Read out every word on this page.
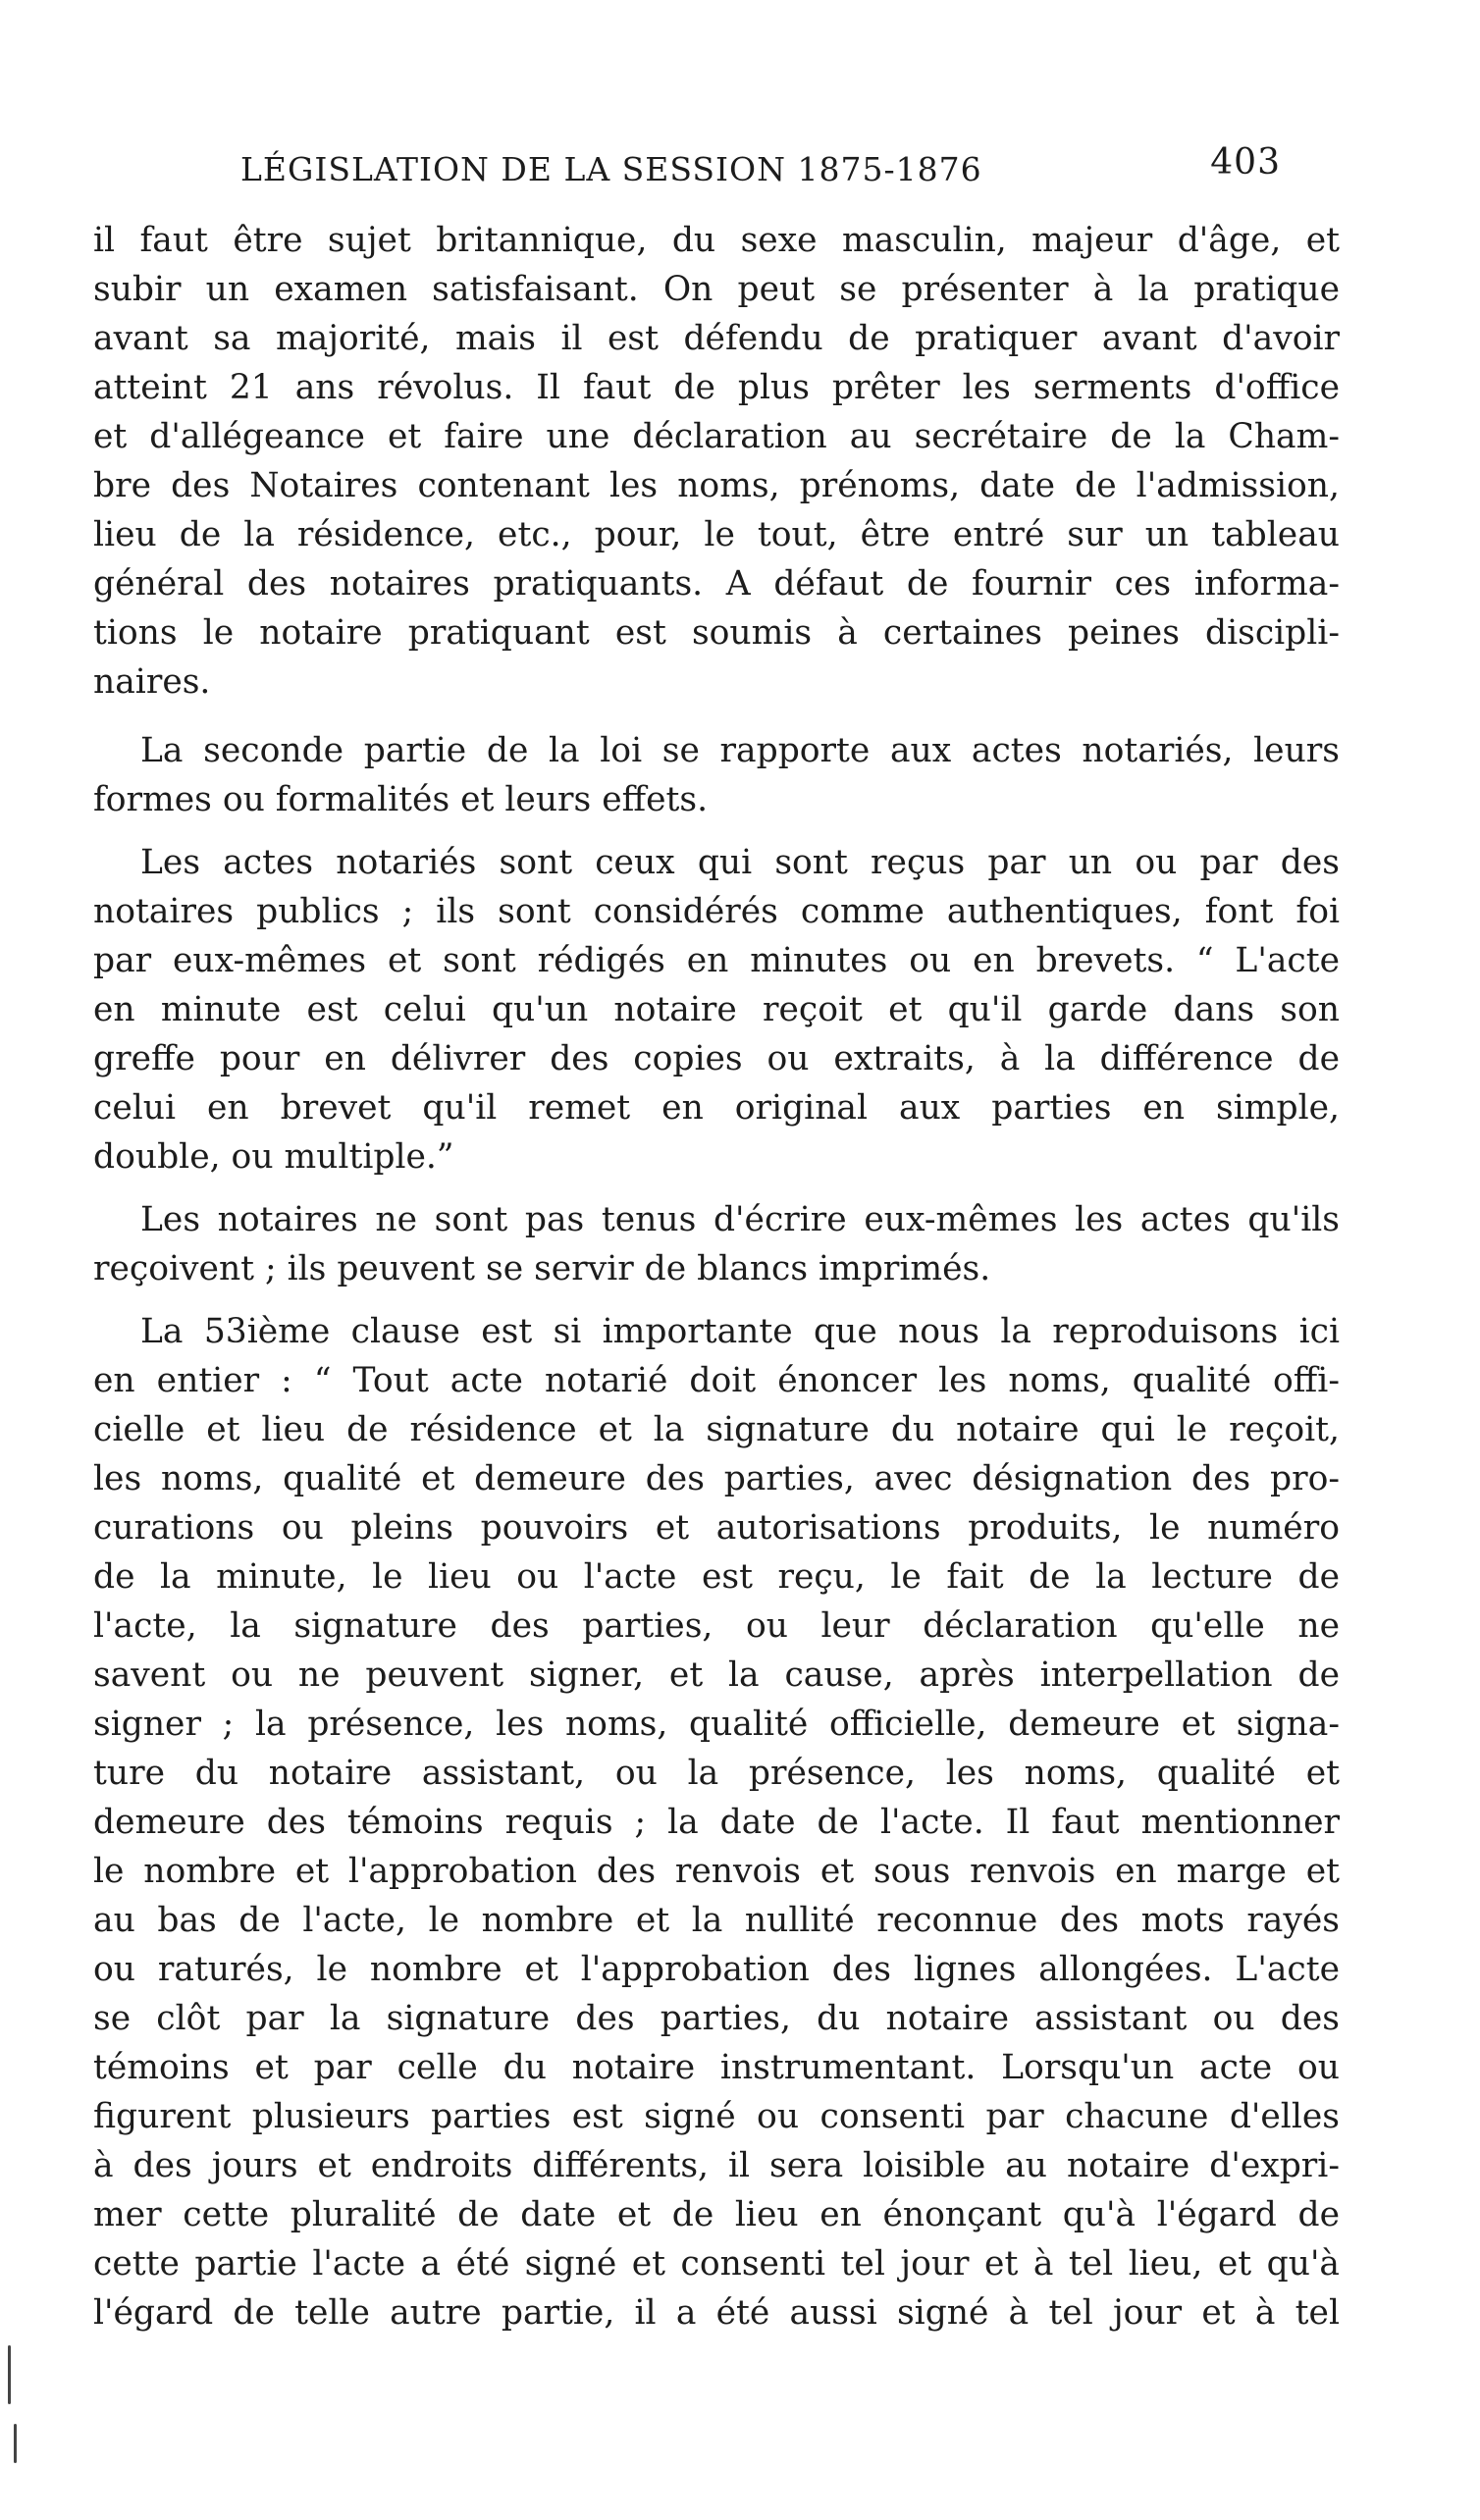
LÉGISLATION DE LA SESSION 1875-1876	403

il faut être sujet britannique, du sexe masculin, majeur d'âge, et
subir un examen satisfaisant. On peut se présenter à la pratique
avant sa majorité, mais il est défendu de pratiquer avant d'avoir
atteint 21 ans révolus. Il faut de plus prêter les serments d'office
et d'allégeance et faire une déclaration au secrétaire de la Cham-
bre des Notaires contenant les noms, prénoms, date de l'admission,
lieu de la résidence, etc., pour, le tout, être entré sur un tableau
général des notaires pratiquants. A défaut de fournir ces informa-
tions le notaire pratiquant est soumis à certaines peines discipli-
naires.

La seconde partie de la loi se rapporte aux actes notariés, leurs
formes ou formalités et leurs effets.

Les actes notariés sont ceux qui sont reçus par un ou par des
notaires publics ; ils sont considérés comme authentiques, font foi
par eux-mêmes et sont rédigés en minutes ou en brevets. “ L'acte
en minute est celui qu'un notaire reçoit et qu'il garde dans son
greffe pour en délivrer des copies ou extraits, à la différence de
celui en brevet qu'il remet en original aux parties en simple,
double, ou multiple.”

Les notaires ne sont pas tenus d'écrire eux-mêmes les actes qu'ils
reçoivent ; ils peuvent se servir de blancs imprimés.

La 53ième clause est si importante que nous la reproduisons ici
en entier : “ Tout acte notarié doit énoncer les noms, qualité offi-
cielle et lieu de résidence et la signature du notaire qui le reçoit,
les noms, qualité et demeure des parties, avec désignation des pro-
curations ou pleins pouvoirs et autorisations produits, le numéro
de la minute, le lieu ou l'acte est reçu, le fait de la lecture de
l'acte, la signature des parties, ou leur déclaration qu'elle ne
savent ou ne peuvent signer, et la cause, après interpellation de
signer ; la présence, les noms, qualité officielle, demeure et signa-
ture du notaire assistant, ou la présence, les noms, qualité et
demeure des témoins requis ; la date de l'acte. Il faut mentionner
le nombre et l'approbation des renvois et sous renvois en marge et
au bas de l'acte, le nombre et la nullité reconnue des mots rayés
ou raturés, le nombre et l'approbation des lignes allongées. L'acte
se clôt par la signature des parties, du notaire assistant ou des
témoins et par celle du notaire instrumentant. Lorsqu'un acte ou
figurent plusieurs parties est signé ou consenti par chacune d'elles
à des jours et endroits différents, il sera loisible au notaire d'expri-
mer cette pluralité de date et de lieu en énonçant qu'à l'égard de
cette partie l'acte a été signé et consenti tel jour et à tel lieu, et qu'à
l'égard de telle autre partie, il a été aussi signé à tel jour et à tel
